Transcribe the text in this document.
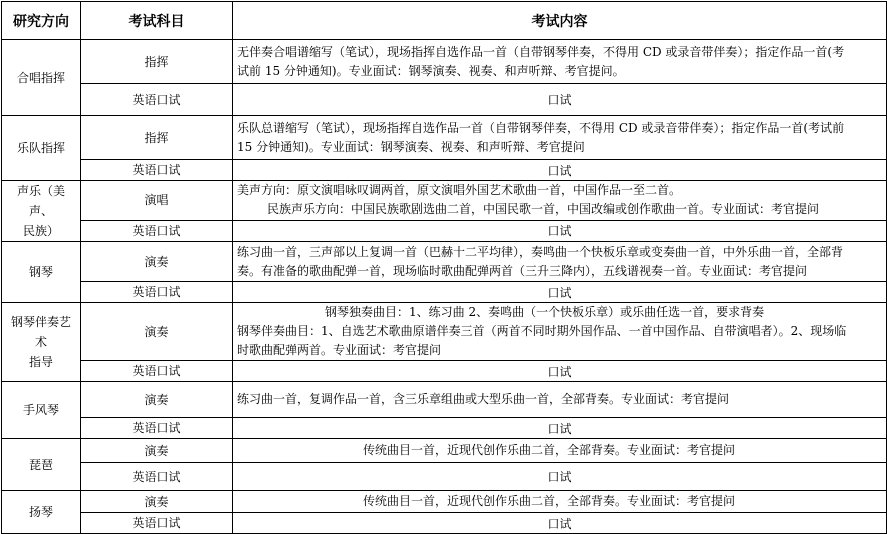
研究方向	考试科目	考试内容
合唱指挥	指挥	无伴奏合唱谱缩写（笔试），现场指挥自选作品一首（自带钢琴伴奏，不得用 CD 或录音带伴奏）；指定作品一首(考
试前 15 分钟通知)。专业面试：钢琴演奏、视奏、和声听辩、考官提问。

	英语口试	口试
乐队指挥	指挥	乐队总谱缩写（笔试），现场指挥自选作品一首（自带钢琴伴奏，不得用 CD 或录音带伴奏）；指定作品一首(考试前
15 分钟通知)。专业面试：钢琴演奏、视奏、和声听辩、考官提问

	英语口试	口试

声乐（美声、
民族）	演唱	美声方向：原文演唱咏叹调两首，原文演唱外国艺术歌曲一首，中国作品一至二首。
民族声乐方向：中国民族歌剧选曲二首，中国民歌一首，中国改编或创作歌曲一首。专业面试：考官提问

	英语口试	口试
钢琴	演奏	练习曲一首，三声部以上复调一首（巴赫十二平均律），奏鸣曲一个快板乐章或变奏曲一首，中外乐曲一首，全部背
奏。有准备的歌曲配弹一首，现场临时歌曲配弹两首（三升三降内），五线谱视奏一首。专业面试：考官提问

	英语口试	口试

钢琴伴奏艺术
指导	演奏	钢琴独奏曲目：1、练习曲 2、奏鸣曲（一个快板乐章）或乐曲任选一首，要求背奏
钢琴伴奏曲目：1、自选艺术歌曲原谱伴奏三首（两首不同时期外国作品、一首中国作品、自带演唱者）。2、现场临
时歌曲配弹两首。专业面试：考官提问

	英语口试	口试
手风琴	演奏	练习曲一首，复调作品一首，含三乐章组曲或大型乐曲一首，全部背奏。专业面试：考官提问

	英语口试	口试
琵琶	演奏	传统曲目一首，近现代创作乐曲二首，全部背奏。专业面试：考官提问

	英语口试	口试
扬琴	演奏	传统曲目一首，近现代创作乐曲二首，全部背奏。专业面试：考官提问

	英语口试	口试
